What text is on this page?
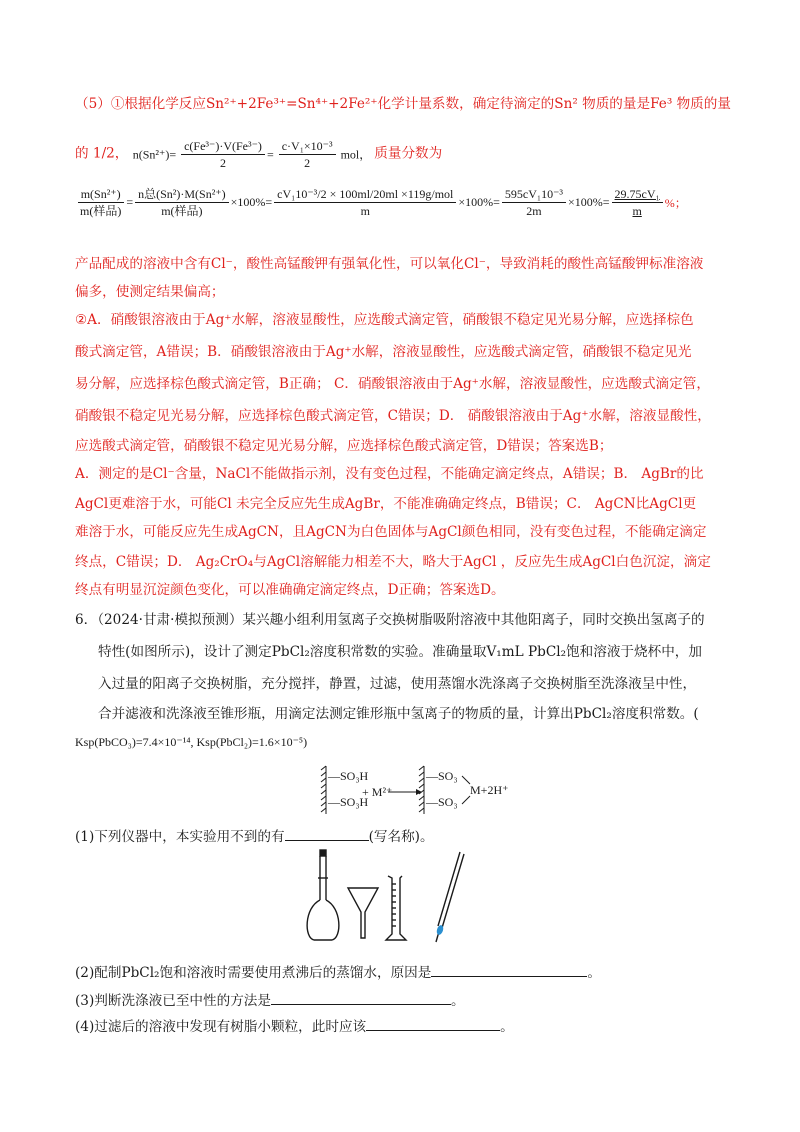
（5）①根据化学反应Sn²⁺+2Fe³⁺=Sn⁴⁺+2Fe²⁺化学计量系数，确定待滴定的Sn² 物质的量是Fe³ 物质的量
的 1/2， $n(Sn^{2+})= \frac{\text{c(Fe³⁻)·V(Fe³⁻)}}{2} = \frac{\text{c·V₁×10⁻³}}{2}$ mol， 质量分数为
$\frac{\text{m(Sn²⁺)}}{\text{m(样品)}} = \frac{\text{n总(Sn²)·M(Sn²⁺)}}{\text{m(样品)}} \times 100\%= \frac{\text{cV₁10⁻³/2 × 100ml/20ml ×119g/mol}}{m} \times 100\%= \frac{\text{595cV₁10⁻³}}{2m} \times 100\%= \frac{\text{29.75cV₁}}{m}$ %；
产品配成的溶液中含有Cl⁻，酸性高锰酸钾有强氧化性，可以氧化Cl⁻，导致消耗的酸性高锰酸钾标准溶液
偏多，使测定结果偏高；
②A．硝酸银溶液由于Ag⁺水解，溶液显酸性，应选酸式滴定管，硝酸银不稳定见光易分解，应选择棕色
酸式滴定管，A错误；B．硝酸银溶液由于Ag⁺水解，溶液显酸性，应选酸式滴定管，硝酸银不稳定见光
易分解，应选择棕色酸式滴定管，B正确； C．硝酸银溶液由于Ag⁺水解，溶液显酸性，应选酸式滴定管，
硝酸银不稳定见光易分解，应选择棕色酸式滴定管，C错误；D． 硝酸银溶液由于Ag⁺水解，溶液显酸性，
应选酸式滴定管，硝酸银不稳定见光易分解，应选择棕色酸式滴定管，D错误；答案选B；
A．测定的是Cl⁻含量，NaCl不能做指示剂，没有变色过程，不能确定滴定终点，A错误；B． AgBr的比
AgCl更难溶于水，可能Cl 未完全反应先生成AgBr，不能准确确定终点，B错误；C． AgCN比AgCl更
难溶于水，可能反应先生成AgCN，且AgCN为白色固体与AgCl颜色相同，没有变色过程，不能确定滴定
终点，C错误；D． Ag₂CrO₄与AgCl溶解能力相差不大，略大于AgCl ，反应先生成AgCl白色沉淀，滴定
终点有明显沉淀颜色变化，可以准确确定滴定终点，D正确；答案选D。
6．（2024·甘肃·模拟预测）某兴趣小组利用氢离子交换树脂吸附溶液中其他阳离子，同时交换出氢离子的
特性(如图所示)，设计了测定PbCl₂溶度积常数的实验。准确量取V₁mL PbCl₂饱和溶液于烧杯中，加
入过量的阳离子交换树脂，充分搅拌，静置，过滤，使用蒸馏水洗涤离子交换树脂至洗涤液呈中性，
合并滤液和洗涤液至锥形瓶，用滴定法测定锥形瓶中氢离子的物质的量，计算出PbCl₂溶度积常数。(
Ksp(PbCO₃)=7.4×10⁻¹⁴, Ksp(PbCl₂)=1.6×10⁻⁵)
—SO₃H
—SO₃H
+ M²⁺
—SO₃
—SO₃
M+2H⁺
(1)下列仪器中，本实验用不到的有	(写名称)。
(2)配制PbCl₂饱和溶液时需要使用煮沸后的蒸馏水，原因是	。
(3)判断洗涤液已至中性的方法是	。
(4)过滤后的溶液中发现有树脂小颗粒，此时应该	。
